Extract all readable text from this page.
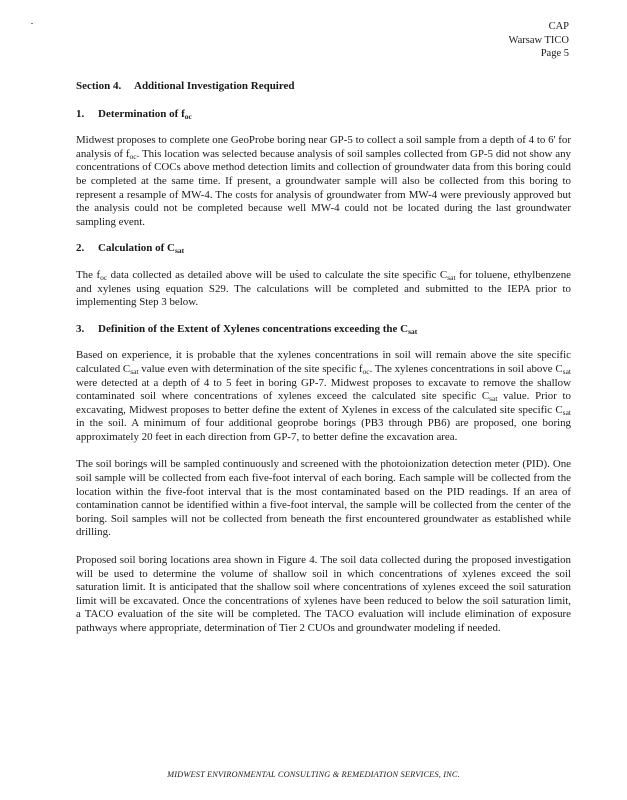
CAP
Warsaw TICO
Page 5
Section 4. Additional Investigation Required
1. Determination of $f_{oc}$

Midwest proposes to complete one GeoProbe boring near GP-5 to collect a soil sample from a depth of 4 to 6' for analysis of $f_{oc}$. This location was selected because analysis of soil samples collected from GP-5 did not show any concentrations of COCs above method detection limits and collection of groundwater data from this boring could be completed at the same time. If present, a groundwater sample will also be collected from this boring to represent a resample of MW-4. The costs for analysis of groundwater from MW-4 were previously approved but the analysis could not be completed because well MW-4 could not be located during the last groundwater sampling event.

2. Calculation of $C_{sat}$

The $f_{oc}$ data collected as detailed above will be used to calculate the site specific $C_{sat}$ for toluene, ethylbenzene and xylenes using equation S29. The calculations will be completed and submitted to the IEPA prior to implementing Step 3 below.

3. Definition of the Extent of Xylenes concentrations exceeding the $C_{sat}$

Based on experience, it is probable that the xylenes concentrations in soil will remain above the site specific calculated $C_{sat}$ value even with determination of the site specific $f_{oc}$. The xylenes concentrations in soil above $C_{sat}$ were detected at a depth of 4 to 5 feet in boring GP-7. Midwest proposes to excavate to remove the shallow contaminated soil where concentrations of xylenes exceed the calculated site specific $C_{sat}$ value. Prior to excavating, Midwest proposes to better define the extent of Xylenes in excess of the calculated site specific $C_{sat}$ in the soil. A minimum of four additional geoprobe borings (PB3 through PB6) are proposed, one boring approximately 20 feet in each direction from GP-7, to better define the excavation area.

The soil borings will be sampled continuously and screened with the photoionization detection meter (PID). One soil sample will be collected from each five-foot interval of each boring. Each sample will be collected from the location within the five-foot interval that is the most contaminated based on the PID readings. If an area of contamination cannot be identified within a five-foot interval, the sample will be collected from the center of the boring. Soil samples will not be collected from beneath the first encountered groundwater as established while drilling.

Proposed soil boring locations area shown in Figure 4. The soil data collected during the proposed investigation will be used to determine the volume of shallow soil in which concentrations of xylenes exceed the soil saturation limit. It is anticipated that the shallow soil where concentrations of xylenes exceed the soil saturation limit will be excavated. Once the concentrations of xylenes have been reduced to below the soil saturation limit, a TACO evaluation of the site will be completed. The TACO evaluation will include elimination of exposure pathways where appropriate, determination of Tier 2 CUOs and groundwater modeling if needed.

MIDWEST ENVIRONMENTAL CONSULTING & REMEDIATION SERVICES, INC.
